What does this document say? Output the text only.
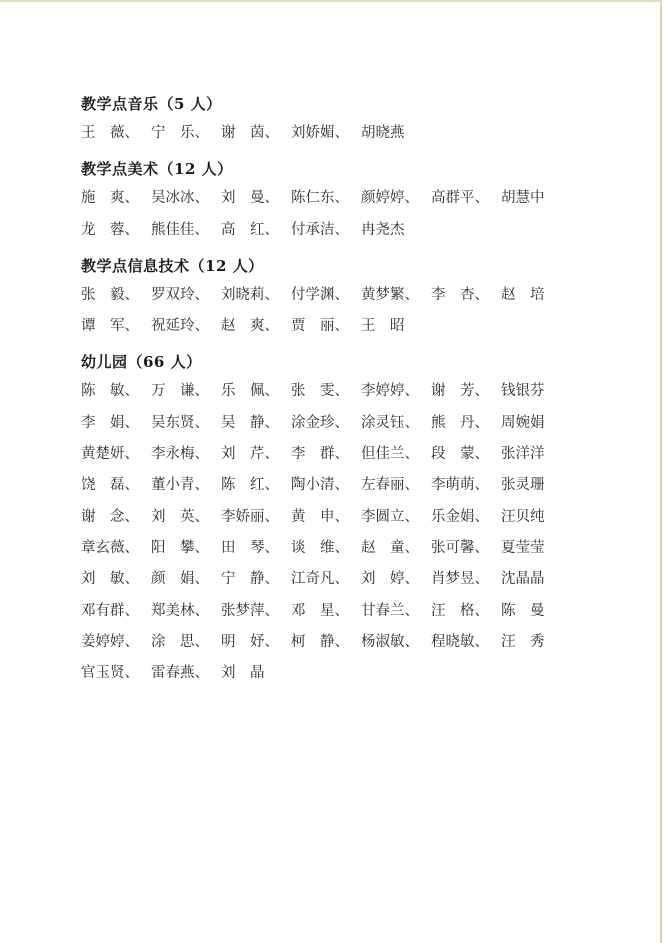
教学点音乐（5 人）
王　薇、 宁　乐、 谢　茵、 刘娇媚、 胡晓燕
教学点美术（12 人）
施　爽、 吴冰冰、 刘　曼、 陈仁东、 颜婷婷、 高群平、 胡慧中
龙　蓉、 熊佳佳、 高　红、 付承洁、 冉尧杰
教学点信息技术（12 人）
张　毅、 罗双玲、 刘晓莉、 付学渊、 黄梦繁、 李　杏、 赵　培
谭　军、 祝延玲、 赵　爽、 贾　丽、 王　昭
幼儿园（66 人）
陈　敏、 万　谦、 乐　佩、 张　雯、 李婷婷、 谢　芳、 钱银芬
李　娟、 吴东贤、 吴　静、 涂金珍、 涂灵钰、 熊　丹、 周婉娟
黄楚妍、 李永梅、 刘　芹、 李　群、 但佳兰、 段　蒙、 张洋洋
饶　磊、 董小青、 陈　红、 陶小清、 左春丽、 李萌萌、 张灵珊
谢　念、 刘　英、 李娇丽、 黄　申、 李圆立、 乐金娟、 汪贝纯
章玄薇、 阳　攀、 田　琴、 谈　维、 赵　童、 张可馨、 夏莹莹
刘　敏、 颜　娟、 宁　静、 江奇凡、 刘　婷、 肖梦昱、 沈晶晶
邓有群、 郑美林、 张梦萍、 邓　星、 甘春兰、 汪　格、 陈　曼
姜婷婷、 涂　思、 明　妤、 柯　静、 杨淑敏、 程晓敏、 汪　秀
官玉贤、 雷春燕、 刘　晶
